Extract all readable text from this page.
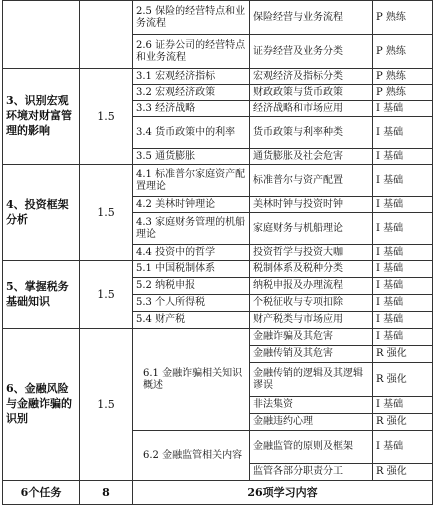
		2.5 保险的经营特点和业务流程	保险经营与业务流程	P 熟练
		2.6 证券公司的经营特点和业务流程	证券经营及业务分类	P 熟练
3、识别宏观环境对财富管理的影响	1.5	3.1 宏观经济指标	宏观经济及指标分类	P 熟练
		3.2 宏观经济政策	财政政策与货币政策	P 熟练
		3.3 经济战略	经济战略和市场应用	I 基础
		3.4 货币政策中的利率	货币政策与利率种类	I 基础
		3.5 通货膨胀	通货膨胀及社会危害	I 基础
4、投资框架分析	1.5	4.1 标准普尔家庭资产配置理论	标准普尔与资产配置	I 基础
		4.2 美林时钟理论	美林时钟与投资时钟	I 基础
		4.3 家庭财务管理的机船理论	家庭财务与机船理论	I 基础
		4.4 投资中的哲学	投资哲学与投资大咖	I 基础
5、掌握税务基础知识	1.5	5.1 中国税制体系	税制体系及税种分类	I 基础
		5.2 纳税申报	纳税申报及办理流程	I 基础
		5.3 个人所得税	个税征收与专项扣除	I 基础
		5.4 财产税	财产税类与市场应用	I 基础
6、金融风险与金融诈骗的识别	1.5	6.1 金融诈骗相关知识概述	金融诈骗及其危害	I 基础
			金融传销及其危害	R 强化
			金融传销的逻辑及其逻辑谬误	R 强化
			非法集资	I 基础
			金融违约心理	R 强化
		6.2 金融监管相关内容	金融监管的原则及框架	I 基础
			监管各部分职责分工	R 强化
6个任务	8	26项学习内容		
